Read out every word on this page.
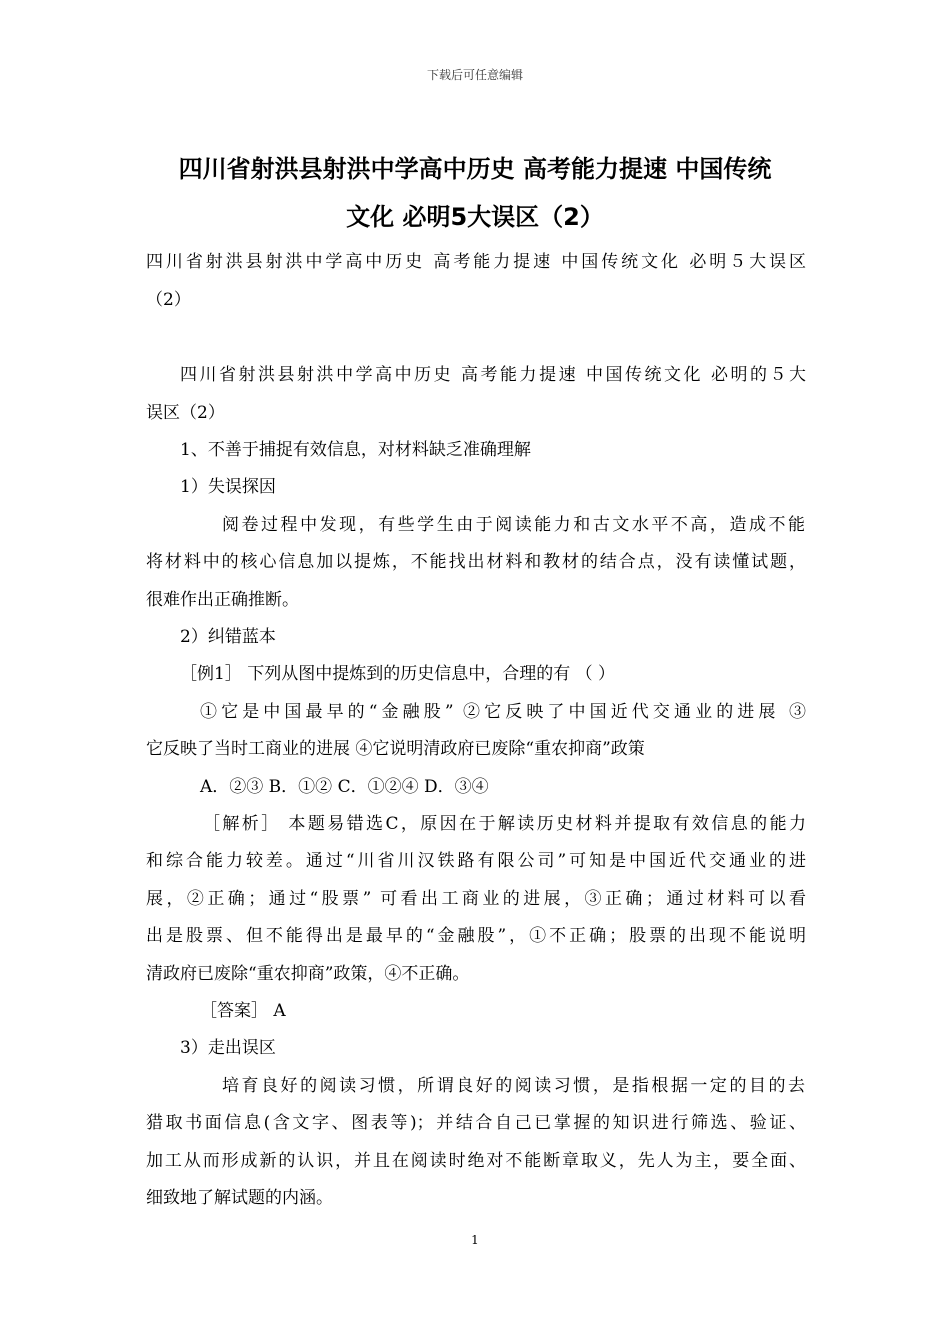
下载后可任意编辑
四川省射洪县射洪中学高中历史 高考能力提速 中国传统
文化 必明5大误区（2）
四川省射洪县射洪中学高中历史 高考能力提速 中国传统文化 必明５大误区
（2）
四川省射洪县射洪中学高中历史 高考能力提速 中国传统文化 必明的５大
误区（2）
1、不善于捕捉有效信息，对材料缺乏准确理解
1）失误探因
阅卷过程中发现，有些学生由于阅读能力和古文水平不高，造成不能
将材料中的核心信息加以提炼，不能找出材料和教材的结合点，没有读懂试题，
很难作出正确推断。
2）纠错蓝本
［例1］ 下列从图中提炼到的历史信息中，合理的有 （ ）
①它是中国最早的“金融股” ②它反映了中国近代交通业的进展 ③
它反映了当时工商业的进展 ④它说明清政府已废除“重农抑商”政策
A．②③ B．①② C．①②④ D．③④
［解析］ 本题易错选C，原因在于解读历史材料并提取有效信息的能力
和综合能力较差。通过“川省川汉铁路有限公司”可知是中国近代交通业的进
展，②正确；通过“股票” 可看出工商业的进展，③正确；通过材料可以看
出是股票、但不能得出是最早的“金融股”，①不正确；股票的出现不能说明
清政府已废除“重农抑商”政策，④不正确。
［答案］ A
3）走出误区
培育良好的阅读习惯，所谓良好的阅读习惯，是指根据一定的目的去
猎取书面信息(含文字、图表等)；并结合自己已掌握的知识进行筛选、验证、
加工从而形成新的认识，并且在阅读时绝对不能断章取义，先人为主，要全面、
细致地了解试题的内涵。
1
